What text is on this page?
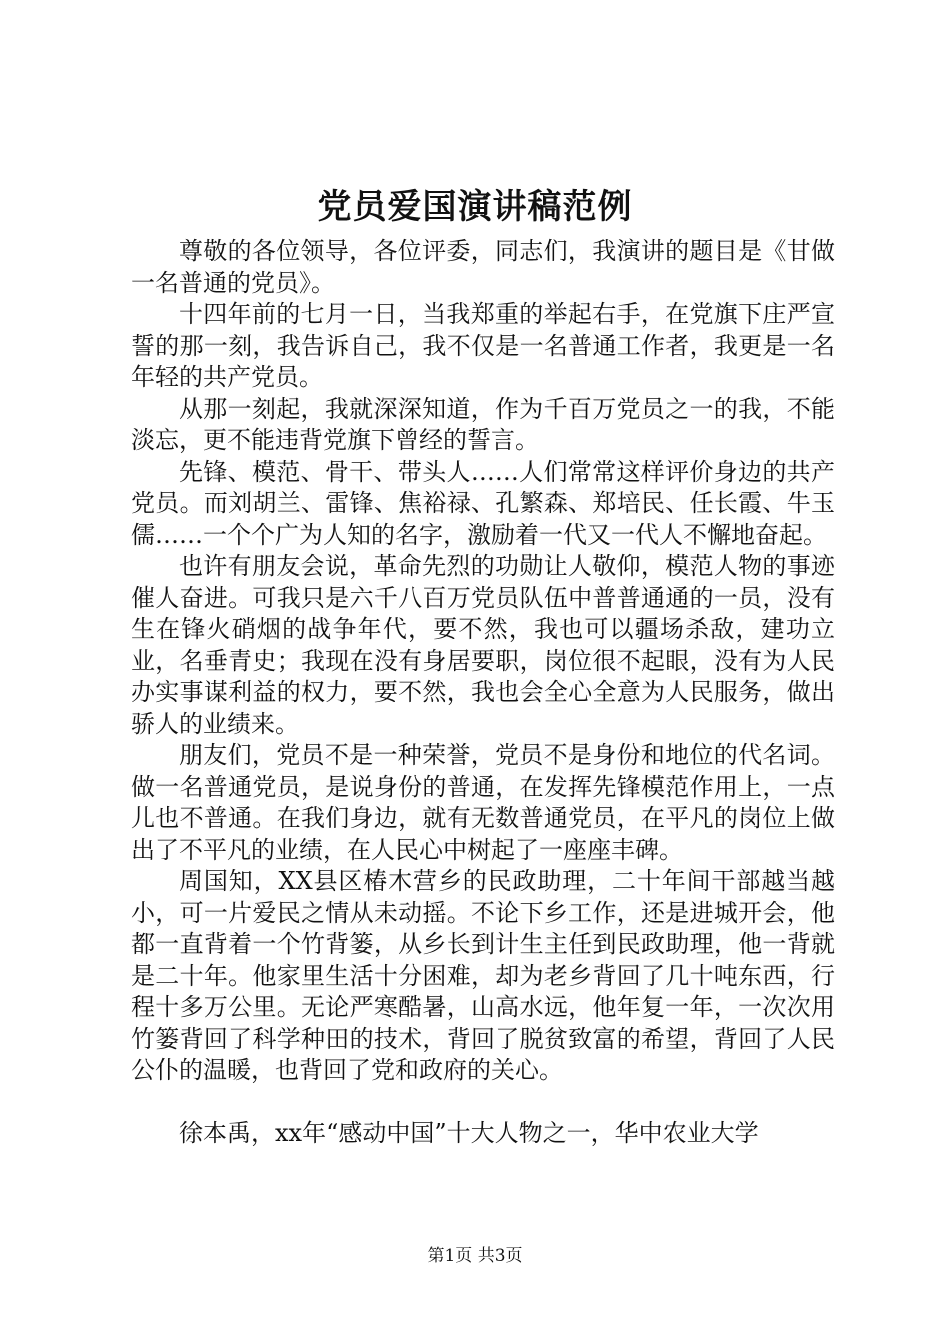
党员爱国演讲稿范例

尊敬的各位领导，各位评委，同志们，我演讲的题目是《甘做一名普通的党员》。

十四年前的七月一日，当我郑重的举起右手，在党旗下庄严宣誓的那一刻，我告诉自己，我不仅是一名普通工作者，我更是一名年轻的共产党员。

从那一刻起，我就深深知道，作为千百万党员之一的我，不能淡忘，更不能违背党旗下曾经的誓言。

先锋、模范、骨干、带头人……人们常常这样评价身边的共产党员。而刘胡兰、雷锋、焦裕禄、孔繁森、郑培民、任长霞、牛玉儒……一个个广为人知的名字，激励着一代又一代人不懈地奋起。

也许有朋友会说，革命先烈的功勋让人敬仰，模范人物的事迹催人奋进。可我只是六千八百万党员队伍中普普通通的一员，没有生在锋火硝烟的战争年代，要不然，我也可以疆场杀敌，建功立业，名垂青史；我现在没有身居要职，岗位很不起眼，没有为人民办实事谋利益的权力，要不然，我也会全心全意为人民服务，做出骄人的业绩来。

朋友们，党员不是一种荣誉，党员不是身份和地位的代名词。做一名普通党员，是说身份的普通，在发挥先锋模范作用上，一点儿也不普通。在我们身边，就有无数普通党员，在平凡的岗位上做出了不平凡的业绩，在人民心中树起了一座座丰碑。

周国知，XX县区椿木营乡的民政助理，二十年间干部越当越小，可一片爱民之情从未动摇。不论下乡工作，还是进城开会，他都一直背着一个竹背篓，从乡长到计生主任到民政助理，他一背就是二十年。他家里生活十分困难，却为老乡背回了几十吨东西，行程十多万公里。无论严寒酷暑，山高水远，他年复一年，一次次用竹篓背回了科学种田的技术，背回了脱贫致富的希望，背回了人民公仆的温暖，也背回了党和政府的关心。

徐本禹，xx年“感动中国”十大人物之一，华中农业大学

第1页 共3页
